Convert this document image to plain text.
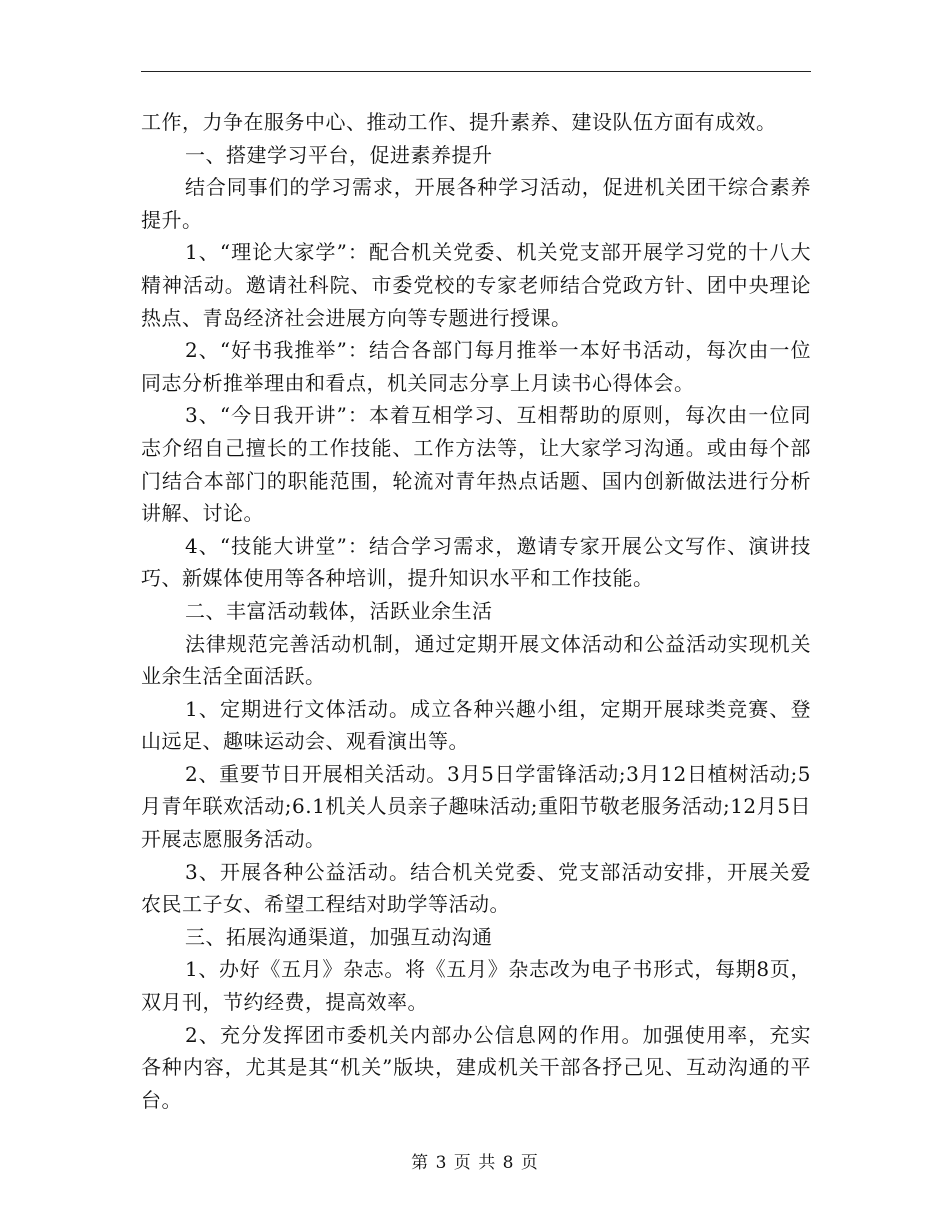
工作，力争在服务中心、推动工作、提升素养、建设队伍方面有成效。

一、搭建学习平台，促进素养提升

结合同事们的学习需求，开展各种学习活动，促进机关团干综合素养提升。

1、“理论大家学”：配合机关党委、机关党支部开展学习党的十八大精神活动。邀请社科院、市委党校的专家老师结合党政方针、团中央理论热点、青岛经济社会进展方向等专题进行授课。

2、“好书我推举”：结合各部门每月推举一本好书活动，每次由一位同志分析推举理由和看点，机关同志分享上月读书心得体会。

3、“今日我开讲”：本着互相学习、互相帮助的原则，每次由一位同志介绍自己擅长的工作技能、工作方法等，让大家学习沟通。或由每个部门结合本部门的职能范围，轮流对青年热点话题、国内创新做法进行分析讲解、讨论。

4、“技能大讲堂”：结合学习需求，邀请专家开展公文写作、演讲技巧、新媒体使用等各种培训，提升知识水平和工作技能。

二、丰富活动载体，活跃业余生活

法律规范完善活动机制，通过定期开展文体活动和公益活动实现机关业余生活全面活跃。

1、定期进行文体活动。成立各种兴趣小组，定期开展球类竞赛、登山远足、趣味运动会、观看演出等。

2、重要节日开展相关活动。3月5日学雷锋活动;3月12日植树活动;5月青年联欢活动;6.1机关人员亲子趣味活动;重阳节敬老服务活动;12月5日开展志愿服务活动。

3、开展各种公益活动。结合机关党委、党支部活动安排，开展关爱农民工子女、希望工程结对助学等活动。

三、拓展沟通渠道，加强互动沟通

1、办好《五月》杂志。将《五月》杂志改为电子书形式，每期8页，双月刊，节约经费，提高效率。

2、充分发挥团市委机关内部办公信息网的作用。加强使用率，充实各种内容，尤其是其“机关”版块，建成机关干部各抒己见、互动沟通的平台。

第 3 页 共 8 页
